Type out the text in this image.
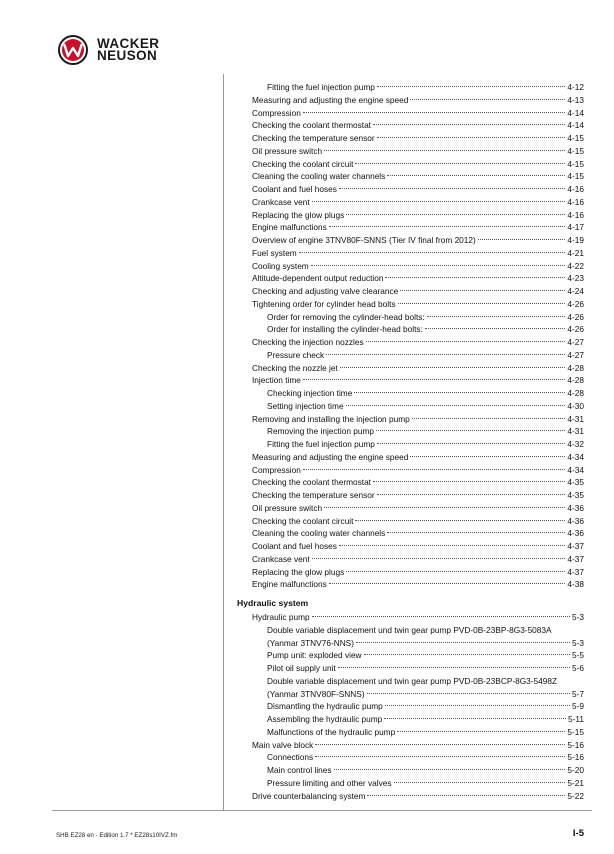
WACKER
NEUSON
Fitting the fuel injection pump	4-12
Measuring and adjusting the engine speed	4-13
Compression	4-14
Checking the coolant thermostat	4-14
Checking the temperature sensor	4-15
Oil pressure switch	4-15
Checking the coolant circuit	4-15
Cleaning the cooling water channels	4-15
Coolant and fuel hoses	4-16
Crankcase vent	4-16
Replacing the glow plugs	4-16
Engine malfunctions	4-17
Overview of engine 3TNV80F-SNNS (Tier IV final from 2012)	4-19
Fuel system	4-21
Cooling system	4-22
Altitude-dependent output reduction	4-23
Checking and adjusting valve clearance	4-24
Tightening order for cylinder head bolts	4-26
Order for removing the cylinder-head bolts:	4-26
Order for installing the cylinder-head bolts:	4-26
Checking the injection nozzles	4-27
Pressure check	4-27
Checking the nozzle jet	4-28
Injection time	4-28
Checking injection time	4-28
Setting injection time	4-30
Removing and installing the injection pump	4-31
Removing the injection pump	4-31
Fitting the fuel injection pump	4-32
Measuring and adjusting the engine speed	4-34
Compression	4-34
Checking the coolant thermostat	4-35
Checking the temperature sensor	4-35
Oil pressure switch	4-36
Checking the coolant circuit	4-36
Cleaning the cooling water channels	4-36
Coolant and fuel hoses	4-37
Crankcase vent	4-37
Replacing the glow plugs	4-37
Engine malfunctions	4-38
Hydraulic system
Hydraulic pump	5-3
Double variable displacement und twin gear pump PVD-0B-23BP-8G3-5083A
(Yanmar 3TNV76-NNS)	5-3
Pump unit: exploded view	5-5
Pilot oil supply unit	5-6
Double variable displacement und twin gear pump PVD-0B-23BCP-8G3-5498Z
(Yanmar 3TNV80F-SNNS)	5-7
Dismantling the hydraulic pump	5-9
Assembling the hydraulic pump	5-11
Malfunctions of the hydraulic pump	5-15
Main valve block	5-16
Connections	5-16
Main control lines	5-20
Pressure limiting and other valves	5-21
Drive counterbalancing system	5-22
SHB EZ28 en - Edition 1.7 * EZ28s10IVZ.fm	I-5
